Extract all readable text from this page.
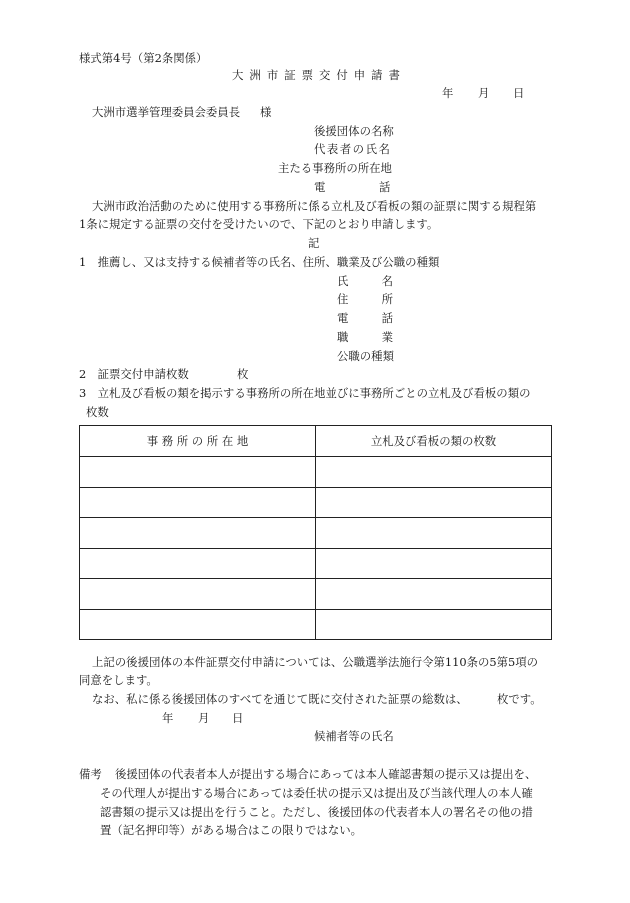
様式第4号（第2条関係）
大洲市証票交付申請書
年 月 日
大洲市選挙管理委員会委員長 様
後援団体の名称
代表者の氏名
主たる事務所の所在地
電 話
大洲市政治活動のために使用する事務所に係る立札及び看板の類の証票に関する規程第
1条に規定する証票の交付を受けたいので、下記のとおり申請します。
記
1　推薦し、又は支持する候補者等の氏名、住所、職業及び公職の種類
氏	名
住	所
電	話
職	業
公職の種類
2　証票交付申請枚数	枚
3　立札及び看板の類を掲示する事務所の所在地並びに事務所ごとの立札及び看板の類の
枚数
事 務 所 の 所 在 地	立札及び看板の類の枚数

上記の後援団体の本件証票交付申請については、公職選挙法施行令第110条の5第5項の
同意をします。
なお、私に係る後援団体のすべてを通じて既に交付された証票の総数は、	枚です。
年 月 日
候補者等の氏名
備考 後援団体の代表者本人が提出する場合にあっては本人確認書類の提示又は提出を、
その代理人が提出する場合にあっては委任状の提示又は提出及び当該代理人の本人確
認書類の提示又は提出を行うこと。ただし、後援団体の代表者本人の署名その他の措
置（記名押印等）がある場合はこの限りではない。
